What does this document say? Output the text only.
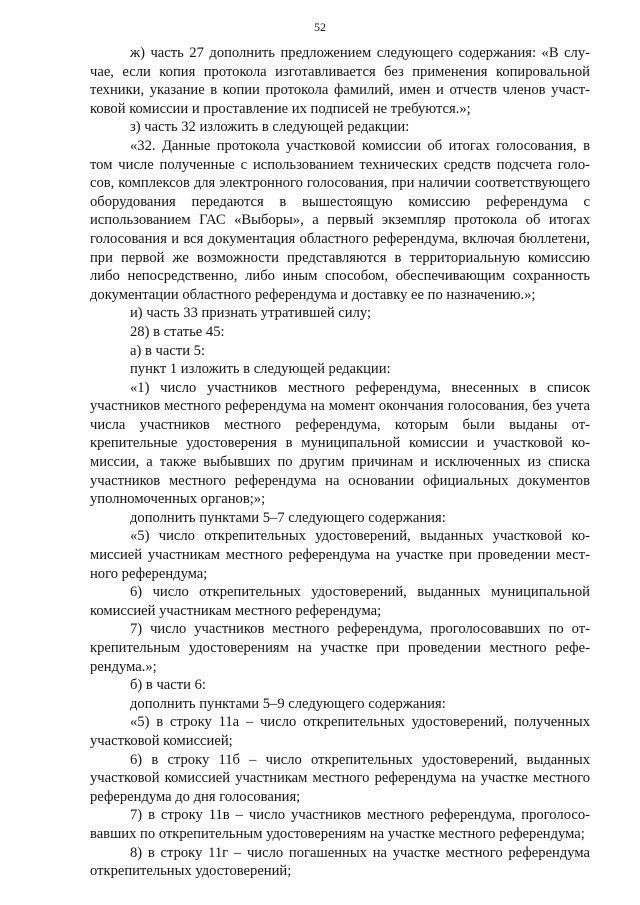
52

ж) часть 27 дополнить предложением следующего содержания: «В случае, если копия протокола изготавливается без применения копировальной техники, указание в копии протокола фамилий, имен и отчеств членов участковой комиссии и проставление их подписей не требуются.»;

з) часть 32 изложить в следующей редакции:

«32. Данные протокола участковой комиссии об итогах голосования, в том числе полученные с использованием технических средств подсчета голосов, комплексов для электронного голосования, при наличии соответствующего оборудования передаются в вышестоящую комиссию референдума с использованием ГАС «Выборы», а первый экземпляр протокола об итогах голосования и вся документация областного референдума, включая бюллетени, при первой же возможности представляются в территориальную комиссию либо непосредственно, либо иным способом, обеспечивающим сохранность документации областного референдума и доставку ее по назначению.»;

и) часть 33 признать утратившей силу;

28) в статье 45:

а) в части 5:

пункт 1 изложить в следующей редакции:

«1) число участников местного референдума, внесенных в список участников местного референдума на момент окончания голосования, без учета числа участников местного референдума, которым были выданы открепительные удостоверения в муниципальной комиссии и участковой комиссии, а также выбывших по другим причинам и исключенных из списка участников местного референдума на основании официальных документов уполномоченных органов;»;

дополнить пунктами 5–7 следующего содержания:

«5) число открепительных удостоверений, выданных участковой комиссией участникам местного референдума на участке при проведении местного референдума;

6) число открепительных удостоверений, выданных муниципальной комиссией участникам местного референдума;

7) число участников местного референдума, проголосовавших по открепительным удостоверениям на участке при проведении местного референдума.»;

б) в части 6:

дополнить пунктами 5–9 следующего содержания:

«5) в строку 11а – число открепительных удостоверений, полученных участковой комиссией;

6) в строку 11б – число открепительных удостоверений, выданных участковой комиссией участникам местного референдума на участке местного референдума до дня голосования;

7) в строку 11в – число участников местного референдума, проголосовавших по открепительным удостоверениям на участке местного референдума;

8) в строку 11г – число погашенных на участке местного референдума открепительных удостоверений;
